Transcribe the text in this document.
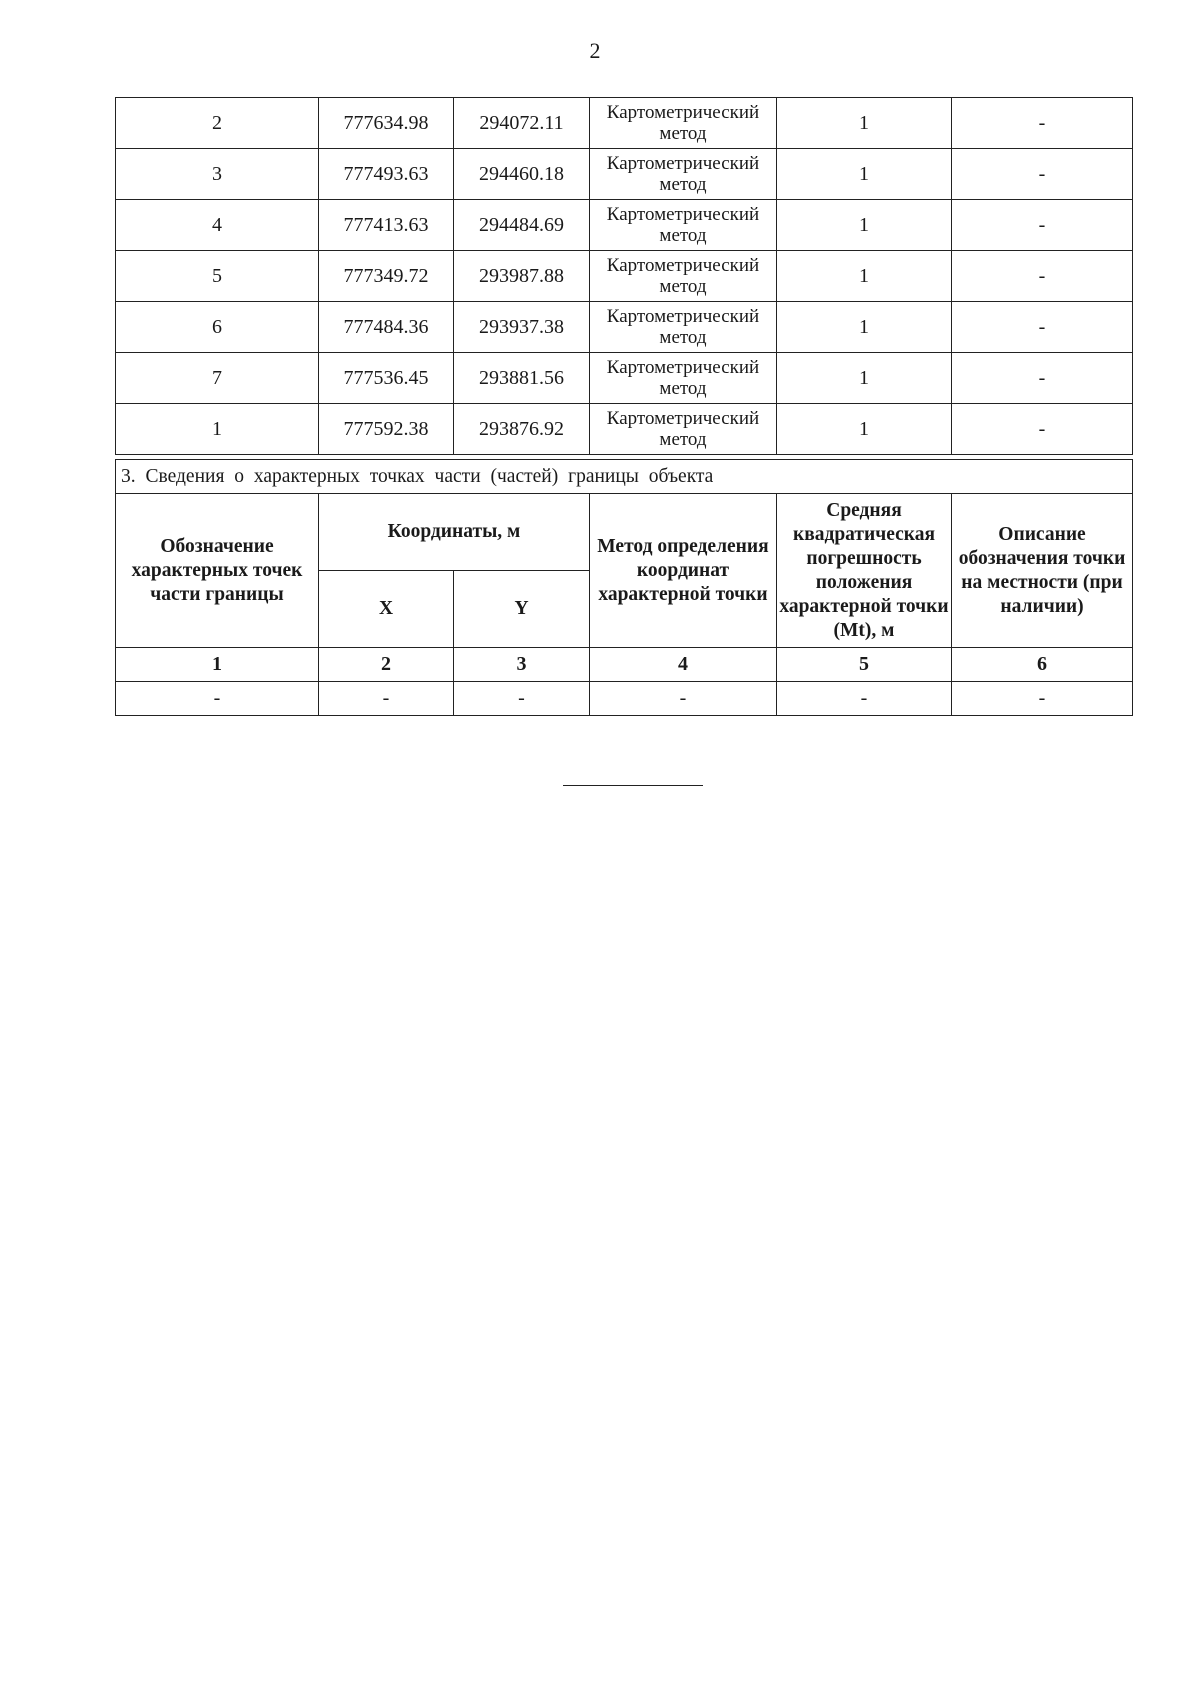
2
2	777634.98	294072.11	Картометрический метод	1	-
3	777493.63	294460.18	Картометрический метод	1	-
4	777413.63	294484.69	Картометрический метод	1	-
5	777349.72	293987.88	Картометрический метод	1	-
6	777484.36	293937.38	Картометрический метод	1	-
7	777536.45	293881.56	Картометрический метод	1	-
1	777592.38	293876.92	Картометрический метод	1	-
3. Сведения о характерных точках части (частей) границы объекта					
Обозначение характерных точек части границы	Координаты, м		Метод определения координат характерной точки	Средняя квадратическая погрешность положения характерной точки (Mt), м	Описание обозначения точки на местности (при наличии)
	X	Y			
1	2	3	4	5	6
-	-	-	-	-	-
